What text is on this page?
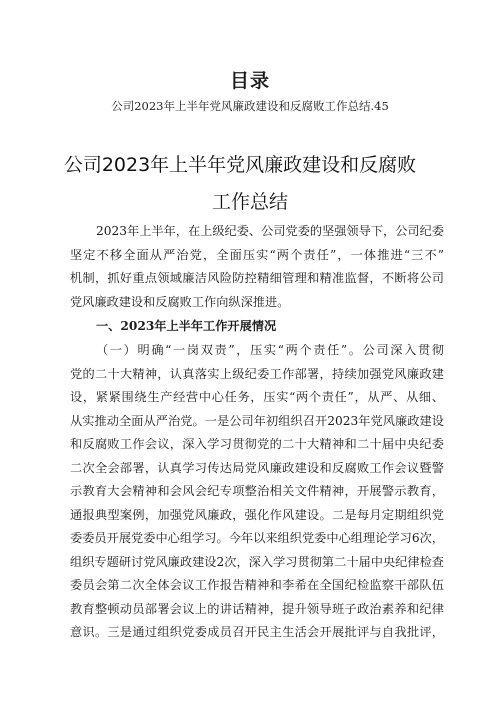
目录
公司2023年上半年党风廉政建设和反腐败工作总结.45
公司2023年上半年党风廉政建设和反腐败
工作总结
2023年上半年，在上级纪委、公司党委的坚强领导下，公司纪委
坚定不移全面从严治党，全面压实“两个责任”，一体推进“三不”
机制，抓好重点领域廉洁风险防控精细管理和精准监督，不断将公司
党风廉政建设和反腐败工作向纵深推进。
一、2023年上半年工作开展情况
（一）明确“一岗双责”，压实“两个责任”。公司深入贯彻
党的二十大精神，认真落实上级纪委工作部署，持续加强党风廉政建
设，紧紧围绕生产经营中心任务，压实“两个责任”，从严、从细、
从实推动全面从严治党。一是公司年初组织召开2023年党风廉政建设
和反腐败工作会议，深入学习贯彻党的二十大精神和二十届中央纪委
二次全会部署，认真学习传达局党风廉政建设和反腐败工作会议暨警
示教育大会精神和会风会纪专项整治相关文件精神，开展警示教育，
通报典型案例，加强党风廉政，强化作风建设。二是每月定期组织党
委委员开展党委中心组学习。今年以来组织党委中心组理论学习6次，
组织专题研讨党风廉政建设2次，深入学习贯彻第二十届中央纪律检查
委员会第二次全体会议工作报告精神和李希在全国纪检监察干部队伍
教育整顿动员部署会议上的讲话精神，提升领导班子政治素养和纪律
意识。三是通过组织党委成员召开民主生活会开展批评与自我批评，
